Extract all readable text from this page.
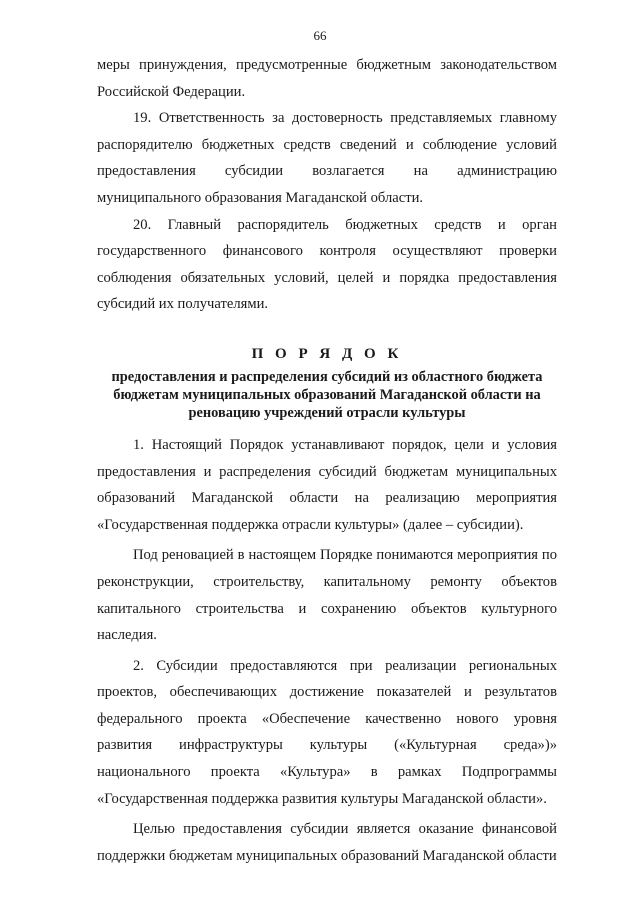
66

меры принуждения, предусмотренные бюджетным законодательством Российской Федерации.

19. Ответственность за достоверность представляемых главному распорядителю бюджетных средств сведений и соблюдение условий предоставления субсидии возлагается на администрацию муниципального образования Магаданской области.

20. Главный распорядитель бюджетных средств и орган государственного финансового контроля осуществляют проверки соблюдения обязательных условий, целей и порядка предоставления субсидий их получателями.

П О Р Я Д О К
предоставления и распределения субсидий из областного бюджета бюджетам муниципальных образований Магаданской области на реновацию учреждений отрасли культуры

1. Настоящий Порядок устанавливают порядок, цели и условия предоставления и распределения субсидий бюджетам муниципальных образований Магаданской области на реализацию мероприятия «Государственная поддержка отрасли культуры» (далее – субсидии).

Под реновацией в настоящем Порядке понимаются мероприятия по реконструкции, строительству, капитальному ремонту объектов капитального строительства и сохранению объектов культурного наследия.

2. Субсидии предоставляются при реализации региональных проектов, обеспечивающих достижение показателей и результатов федерального проекта «Обеспечение качественно нового уровня развития инфраструктуры культуры («Культурная среда»)» национального проекта «Культура» в рамках Подпрограммы «Государственная поддержка развития культуры Магаданской области».

Целью предоставления субсидии является оказание финансовой поддержки бюджетам муниципальных образований Магаданской области
